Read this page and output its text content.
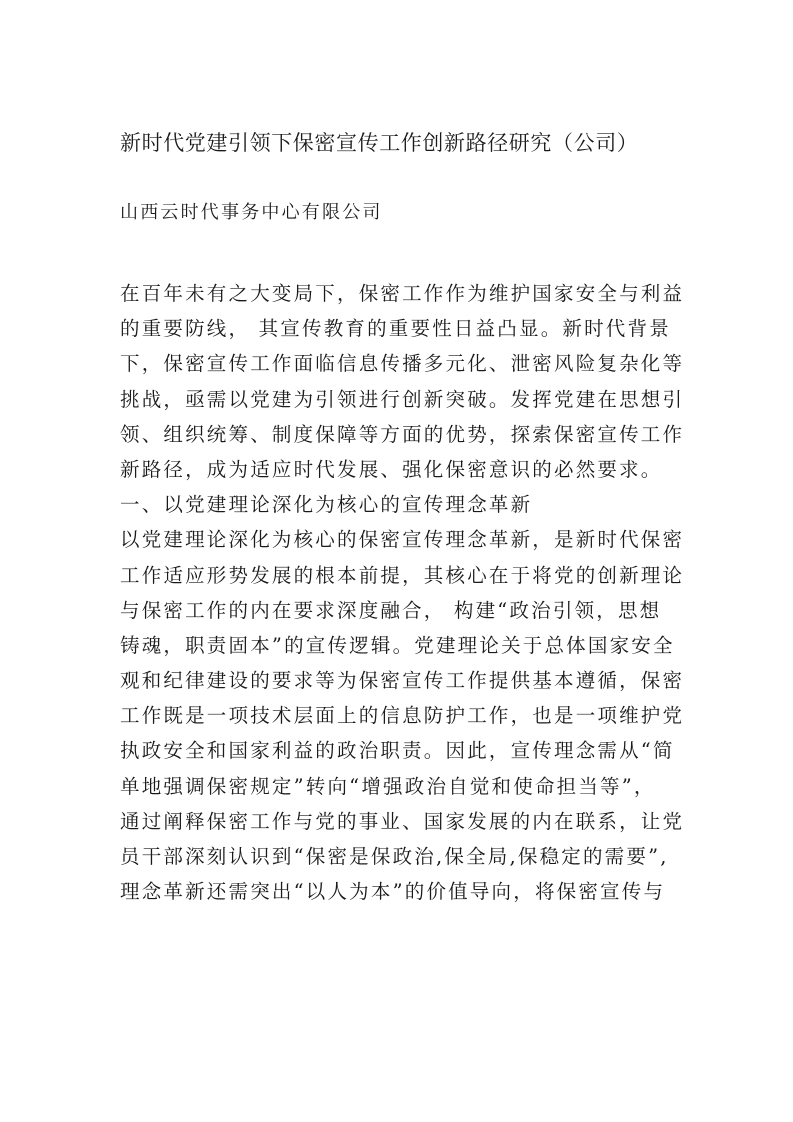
新时代党建引领下保密宣传工作创新路径研究（公司）

山西云时代事务中心有限公司

在百年未有之大变局下，保密工作作为维护国家安全与利益
的重要防线， 其宣传教育的重要性日益凸显。新时代背景
下，保密宣传工作面临信息传播多元化、泄密风险复杂化等
挑战，亟需以党建为引领进行创新突破。发挥党建在思想引
领、组织统筹、制度保障等方面的优势，探索保密宣传工作
新路径，成为适应时代发展、强化保密意识的必然要求。
一、以党建理论深化为核心的宣传理念革新
以党建理论深化为核心的保密宣传理念革新，是新时代保密
工作适应形势发展的根本前提，其核心在于将党的创新理论
与保密工作的内在要求深度融合， 构建“政治引领，思想
铸魂，职责固本”的宣传逻辑。党建理论关于总体国家安全
观和纪律建设的要求等为保密宣传工作提供基本遵循，保密
工作既是一项技术层面上的信息防护工作，也是一项维护党
执政安全和国家利益的政治职责。因此，宣传理念需从“简
单地强调保密规定”转向“增强政治自觉和使命担当等”，
通过阐释保密工作与党的事业、国家发展的内在联系，让党
员干部深刻认识到“保密是保政治,保全局,保稳定的需要”,
理念革新还需突出“以人为本”的价值导向，将保密宣传与
